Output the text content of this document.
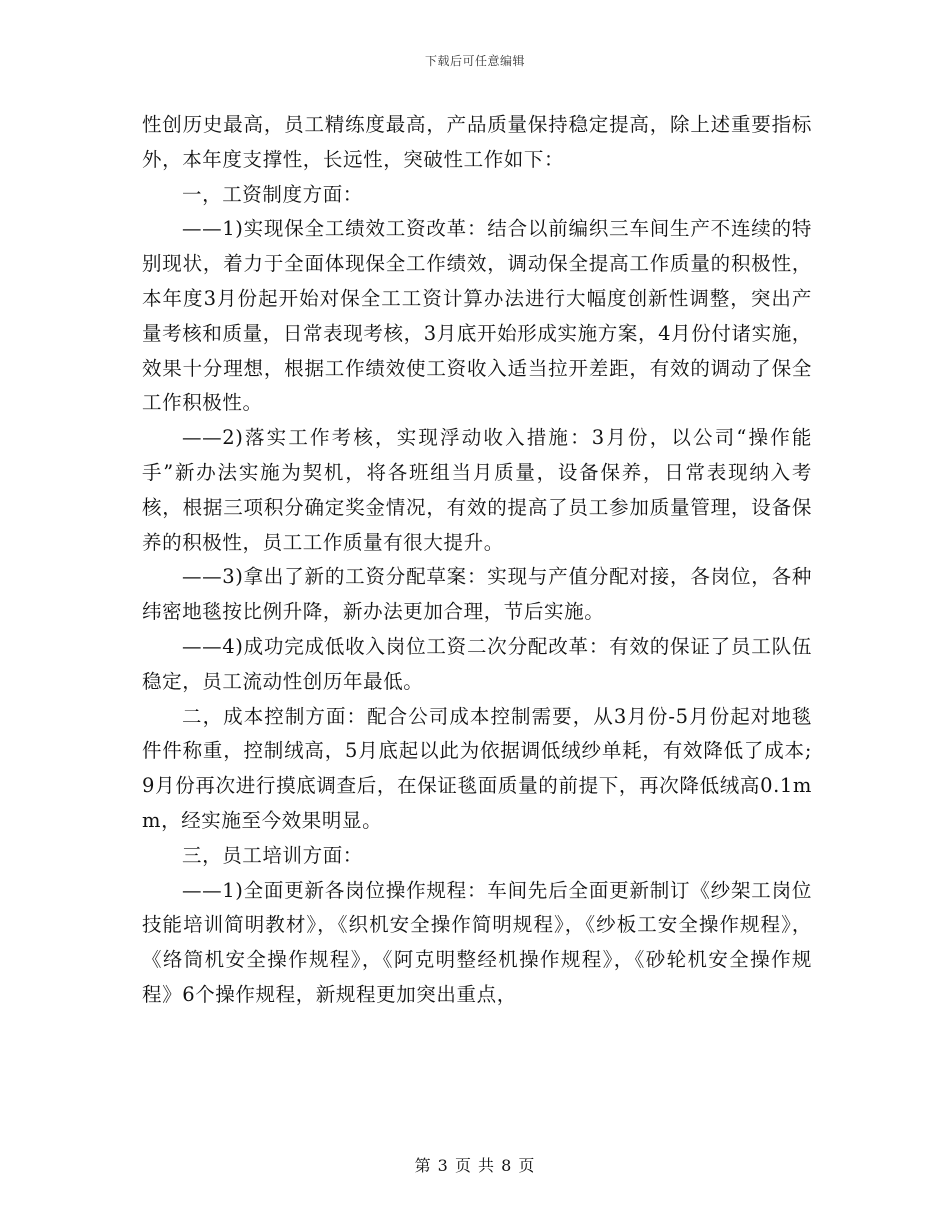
下载后可任意编辑

性创历史最高，员工精练度最高，产品质量保持稳定提高，除上述重要指标外，本年度支撑性，长远性，突破性工作如下：

一，工资制度方面：

——1)实现保全工绩效工资改革：结合以前编织三车间生产不连续的特别现状，着力于全面体现保全工作绩效，调动保全提高工作质量的积极性，本年度3月份起开始对保全工工资计算办法进行大幅度创新性调整，突出产量考核和质量，日常表现考核，3月底开始形成实施方案，4月份付诸实施，效果十分理想，根据工作绩效使工资收入适当拉开差距，有效的调动了保全工作积极性。

——2)落实工作考核，实现浮动收入措施：3月份，以公司“操作能手”新办法实施为契机，将各班组当月质量，设备保养，日常表现纳入考核，根据三项积分确定奖金情况，有效的提高了员工参加质量管理，设备保养的积极性，员工工作质量有很大提升。

——3)拿出了新的工资分配草案：实现与产值分配对接，各岗位，各种纬密地毯按比例升降，新办法更加合理，节后实施。

——4)成功完成低收入岗位工资二次分配改革：有效的保证了员工队伍稳定，员工流动性创历年最低。

二，成本控制方面：配合公司成本控制需要，从3月份-5月份起对地毯件件称重，控制绒高，5月底起以此为依据调低绒纱单耗，有效降低了成本;9月份再次进行摸底调查后，在保证毯面质量的前提下，再次降低绒高0.1mm，经实施至今效果明显。

三，员工培训方面：

——1)全面更新各岗位操作规程：车间先后全面更新制订《纱架工岗位技能培训简明教材》，《织机安全操作简明规程》，《纱板工安全操作规程》，《络筒机安全操作规程》，《阿克明整经机操作规程》，《砂轮机安全操作规程》6个操作规程，新规程更加突出重点，

第 3 页 共 8 页
